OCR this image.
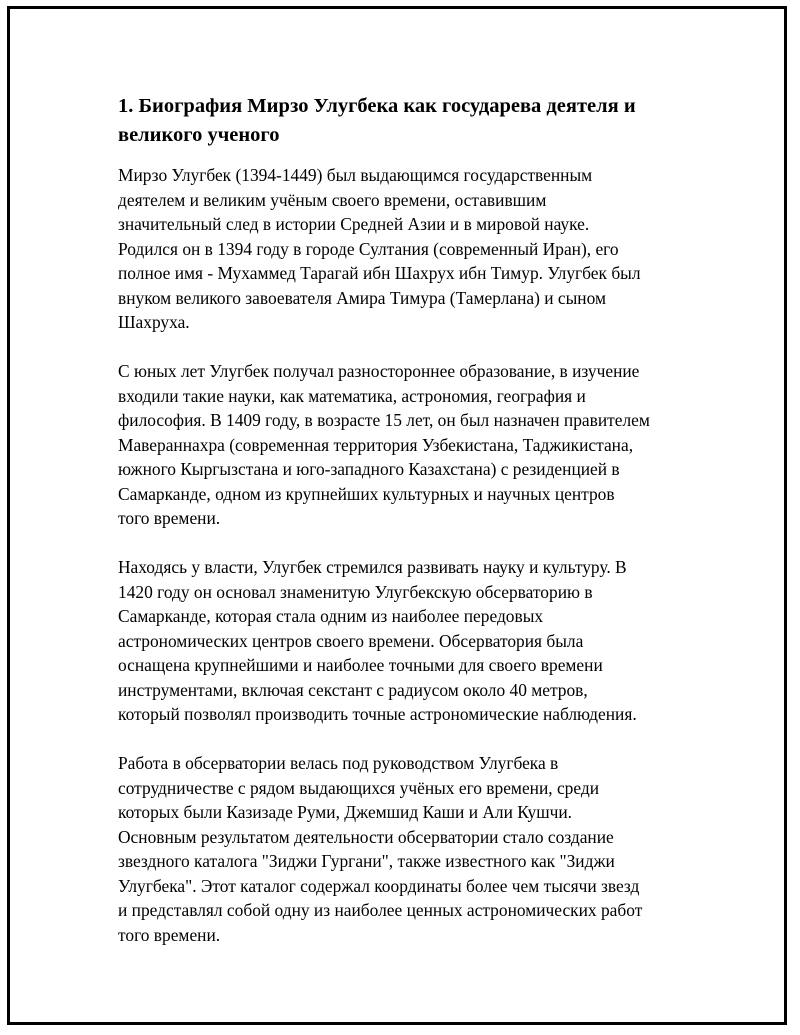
1. Биография Мирзо Улугбека как государева деятеля и
великого ученого

Мирзо Улугбек (1394-1449) был выдающимся государственным
деятелем и великим учёным своего времени, оставившим
значительный след в истории Средней Азии и в мировой науке.
Родился он в 1394 году в городе Султания (современный Иран), его
полное имя - Мухаммед Тарагай ибн Шахрух ибн Тимур. Улугбек был
внуком великого завоевателя Амира Тимура (Тамерлана) и сыном
Шахруха.

С юных лет Улугбек получал разностороннее образование, в изучение
входили такие науки, как математика, астрономия, география и
философия. В 1409 году, в возрасте 15 лет, он был назначен правителем
Мавераннахра (современная территория Узбекистана, Таджикистана,
южного Кыргызстана и юго-западного Казахстана) с резиденцией в
Самарканде, одном из крупнейших культурных и научных центров
того времени.

Находясь у власти, Улугбек стремился развивать науку и культуру. В
1420 году он основал знаменитую Улугбекскую обсерваторию в
Самарканде, которая стала одним из наиболее передовых
астрономических центров своего времени. Обсерватория была
оснащена крупнейшими и наиболее точными для своего времени
инструментами, включая секстант с радиусом около 40 метров,
который позволял производить точные астрономические наблюдения.

Работа в обсерватории велась под руководством Улугбека в
сотрудничестве с рядом выдающихся учёных его времени, среди
которых были Казизаде Руми, Джемшид Каши и Али Кушчи.
Основным результатом деятельности обсерватории стало создание
звездного каталога "Зиджи Гургани", также известного как "Зиджи
Улугбека". Этот каталог содержал координаты более чем тысячи звезд
и представлял собой одну из наиболее ценных астрономических работ
того времени.
